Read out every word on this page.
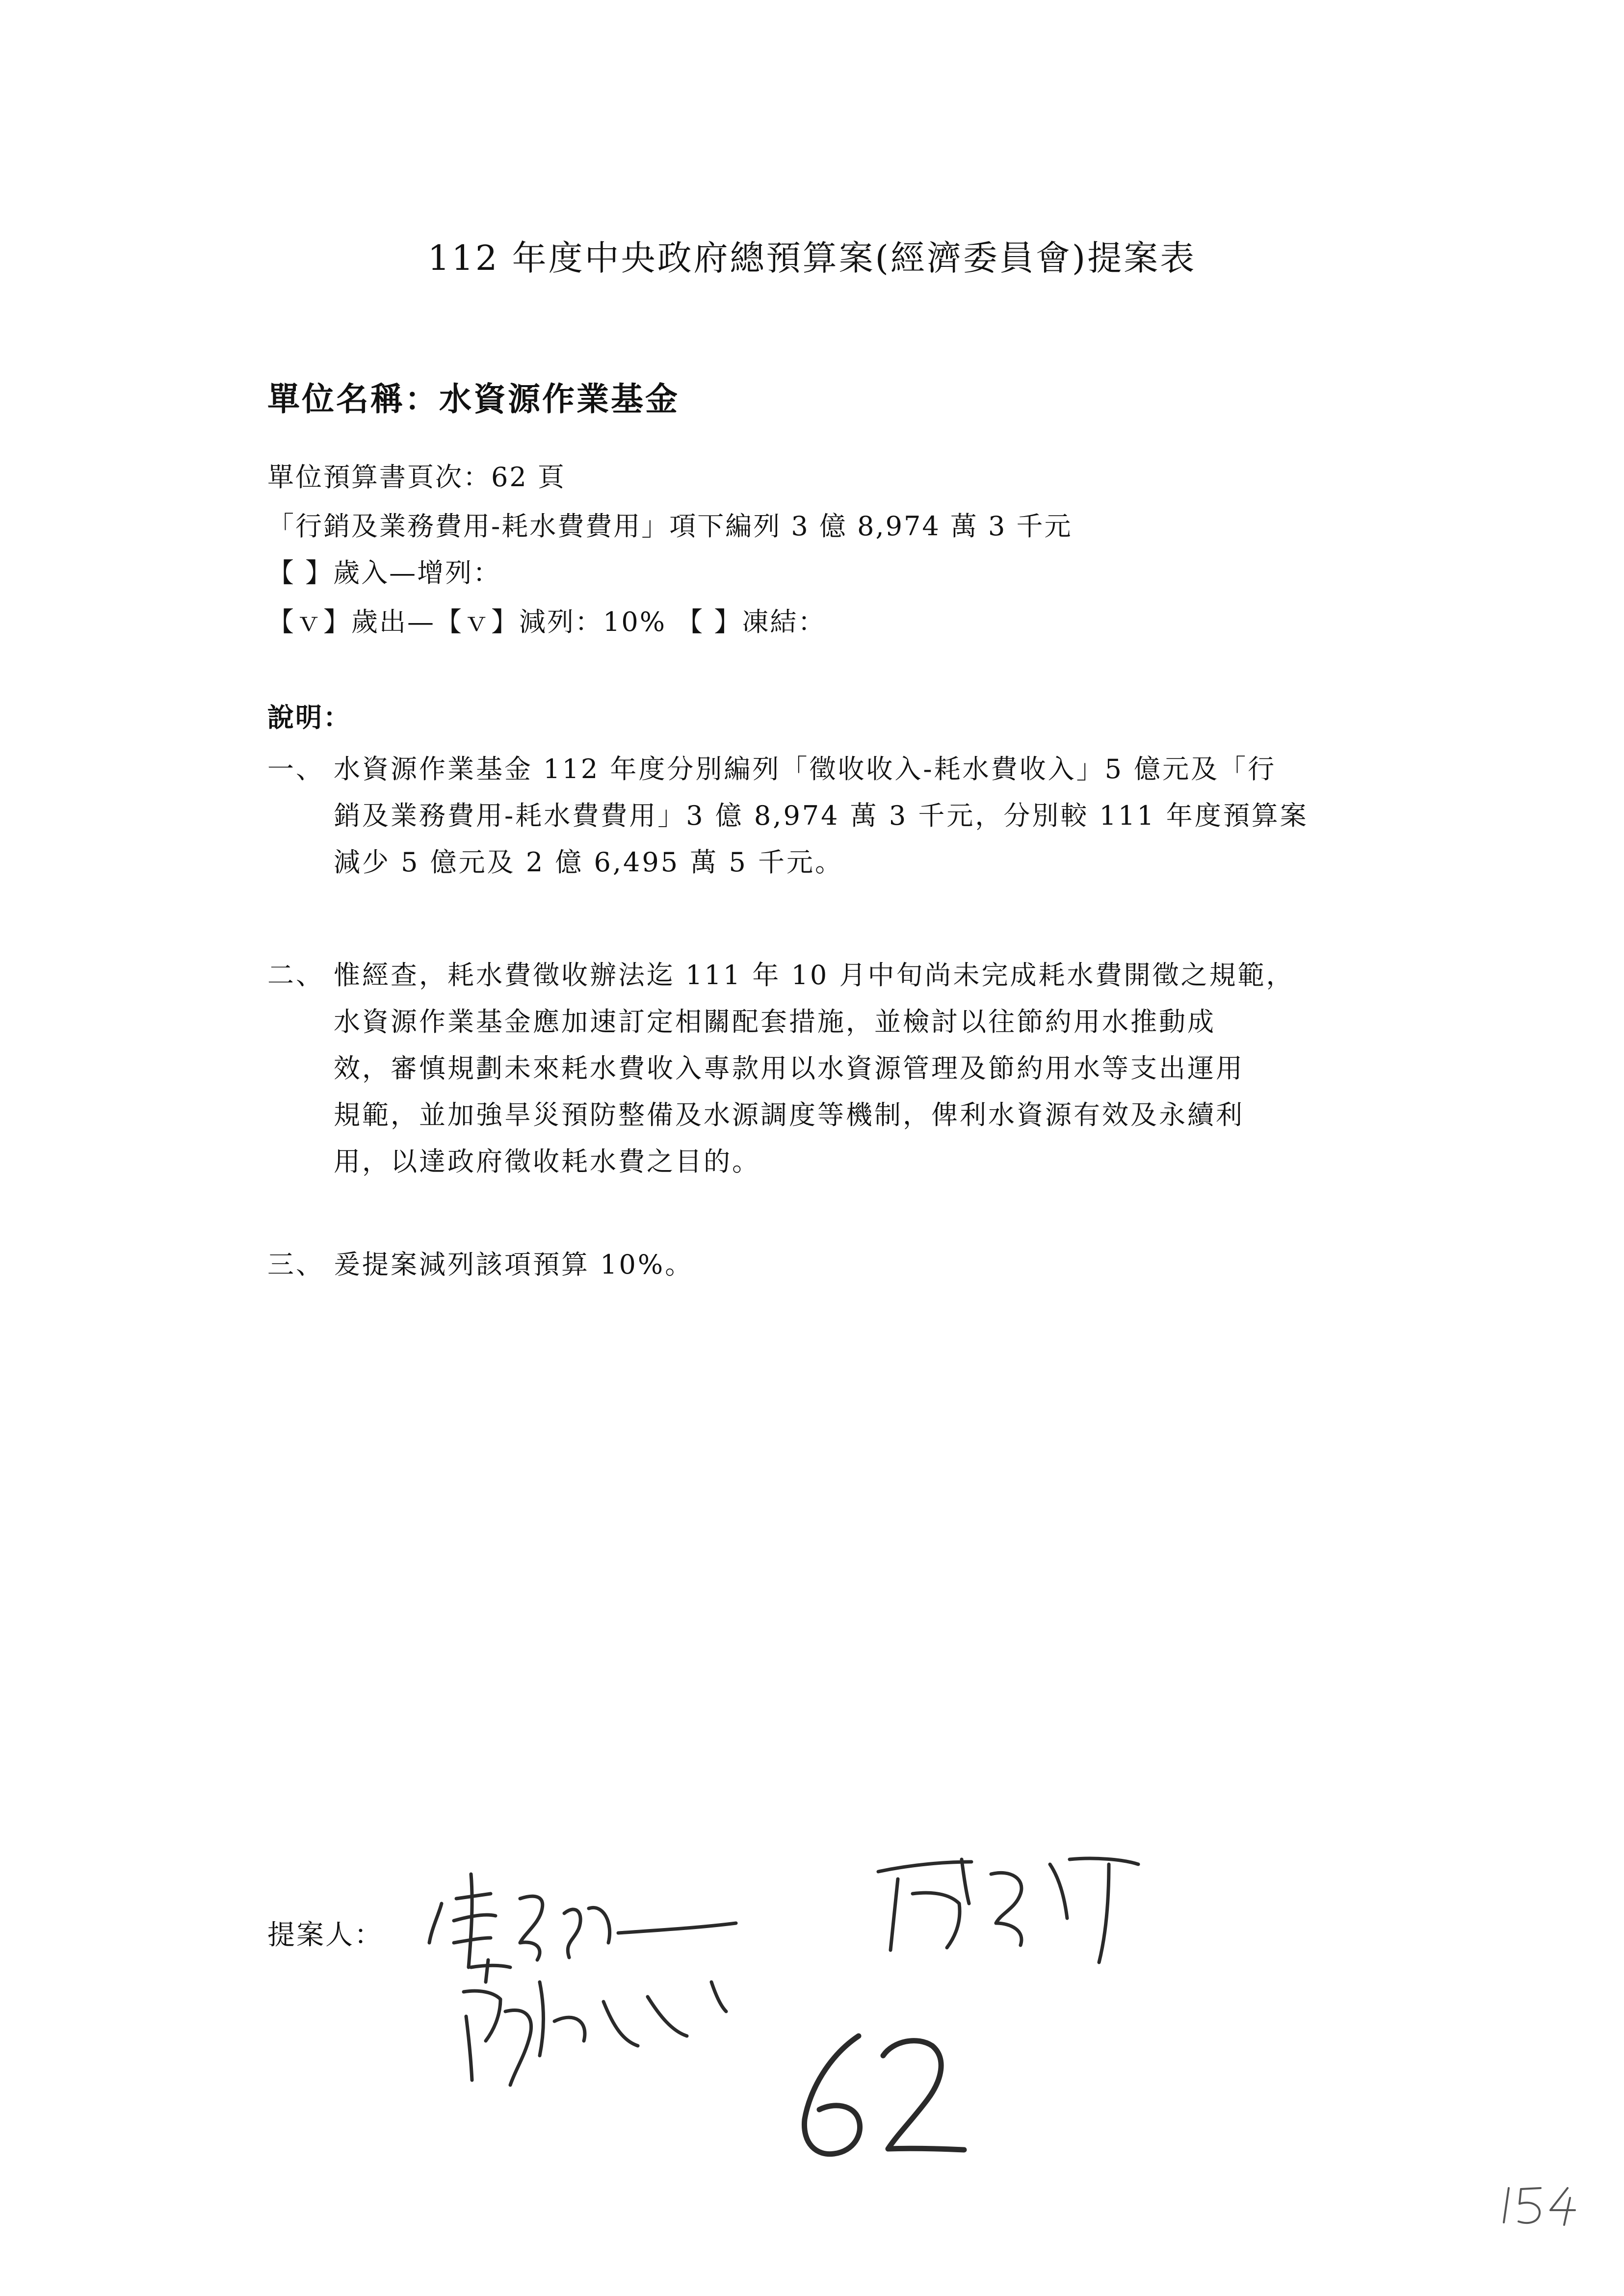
112 年度中央政府總預算案(經濟委員會)提案表
單位名稱：水資源作業基金
單位預算書頁次：62 頁
「行銷及業務費用-耗水費費用」項下編列 3 億 8,974 萬 3 千元
【 】歲入—增列：
【ｖ】歲出—【ｖ】減列：10% 【 】凍結：
說明：
一、 水資源作業基金 112 年度分別編列「徵收收入-耗水費收入」5 億元及「行
銷及業務費用-耗水費費用」3 億 8,974 萬 3 千元，分別較 111 年度預算案
減少 5 億元及 2 億 6,495 萬 5 千元。
二、 惟經查，耗水費徵收辦法迄 111 年 10 月中旬尚未完成耗水費開徵之規範，
水資源作業基金應加速訂定相關配套措施，並檢討以往節約用水推動成
效，審慎規劃未來耗水費收入專款用以水資源管理及節約用水等支出運用
規範，並加強旱災預防整備及水源調度等機制，俾利水資源有效及永續利
用，以達政府徵收耗水費之目的。
三、 爰提案減列該項預算 10%。
提案人：
